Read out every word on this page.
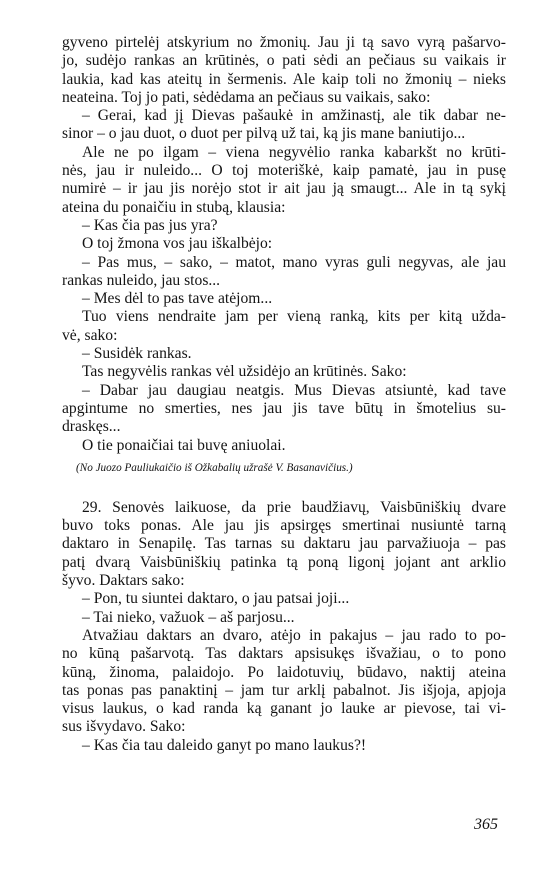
gyveno pirtelėj atskyrium no žmonių. Jau ji tą savo vyrą pašarvo-
jo, sudėjo rankas an krūtinės, o pati sėdi an pečiaus su vaikais ir
laukia, kad kas ateitų in šermenis. Ale kaip toli no žmonių – nieks
neateina. Toj jo pati, sėdėdama an pečiaus su vaikais, sako:
– Gerai, kad jį Dievas pašaukė in amžinastį, ale tik dabar ne-
sinor – o jau duot, o duot per pilvą už tai, ką jis mane baniutijo...
Ale ne po ilgam – viena negyvėlio ranka kabarkšt no krūti-
nės, jau ir nuleido... O toj moteriškė, kaip pamatė, jau in pusę
numirė – ir jau jis norėjo stot ir ait jau ją smaugt... Ale in tą sykį
ateina du ponaičiu in stubą, klausia:
– Kas čia pas jus yra?
O toj žmona vos jau iškalbėjo:
– Pas mus, – sako, – matot, mano vyras guli negyvas, ale jau
rankas nuleido, jau stos...
– Mes dėl to pas tave atėjom...
Tuo viens nendraite jam per vieną ranką, kits per kitą uždа-
vė, sako:
– Susidėk rankas.
Tas negyvėlis rankas vėl užsidėjo an krūtinės. Sako:
– Dabar jau daugiau neatgis. Mus Dievas atsiuntė, kad tave
apgintume no smerties, nes jau jis tave būtų in šmotelius su-
draskęs...
O tie ponaičiai tai buvę aniuolai.
(No Juozo Pauliukaičio iš Ožkabalių užrašė V. Basanavičius.)
29. Senovės laikuose, da prie baudžiavų, Vaisbūniškių dvare
buvo toks ponas. Ale jau jis apsirgęs smertinai nusiuntė tarną
daktaro in Senapilę. Tas tarnas su daktaru jau parvažiuoja – pas
patį dvarą Vaisbūniškių patinka tą poną ligonį jojant ant arklio
šyvo. Daktars sako:
– Pon, tu siuntei daktaro, o jau patsai joji...
– Tai nieko, važuok – aš parjosu...
Atvažiau daktars an dvaro, atėjo in pakajus – jau rado to po-
no kūną pašarvotą. Tas daktars apsisukęs išvažiau, o to pono
kūną, žinoma, palaidojo. Po laidotuvių, būdavo, naktij ateina
tas ponas pas panaktinį – jam tur arklį pabalnot. Jis išjoja, apjoja
visus laukus, o kad randa ką ganant jo lauke ar pievose, tai vi-
sus išvydavo. Sako:
– Kas čia tau daleido ganyt po mano laukus?!
365
